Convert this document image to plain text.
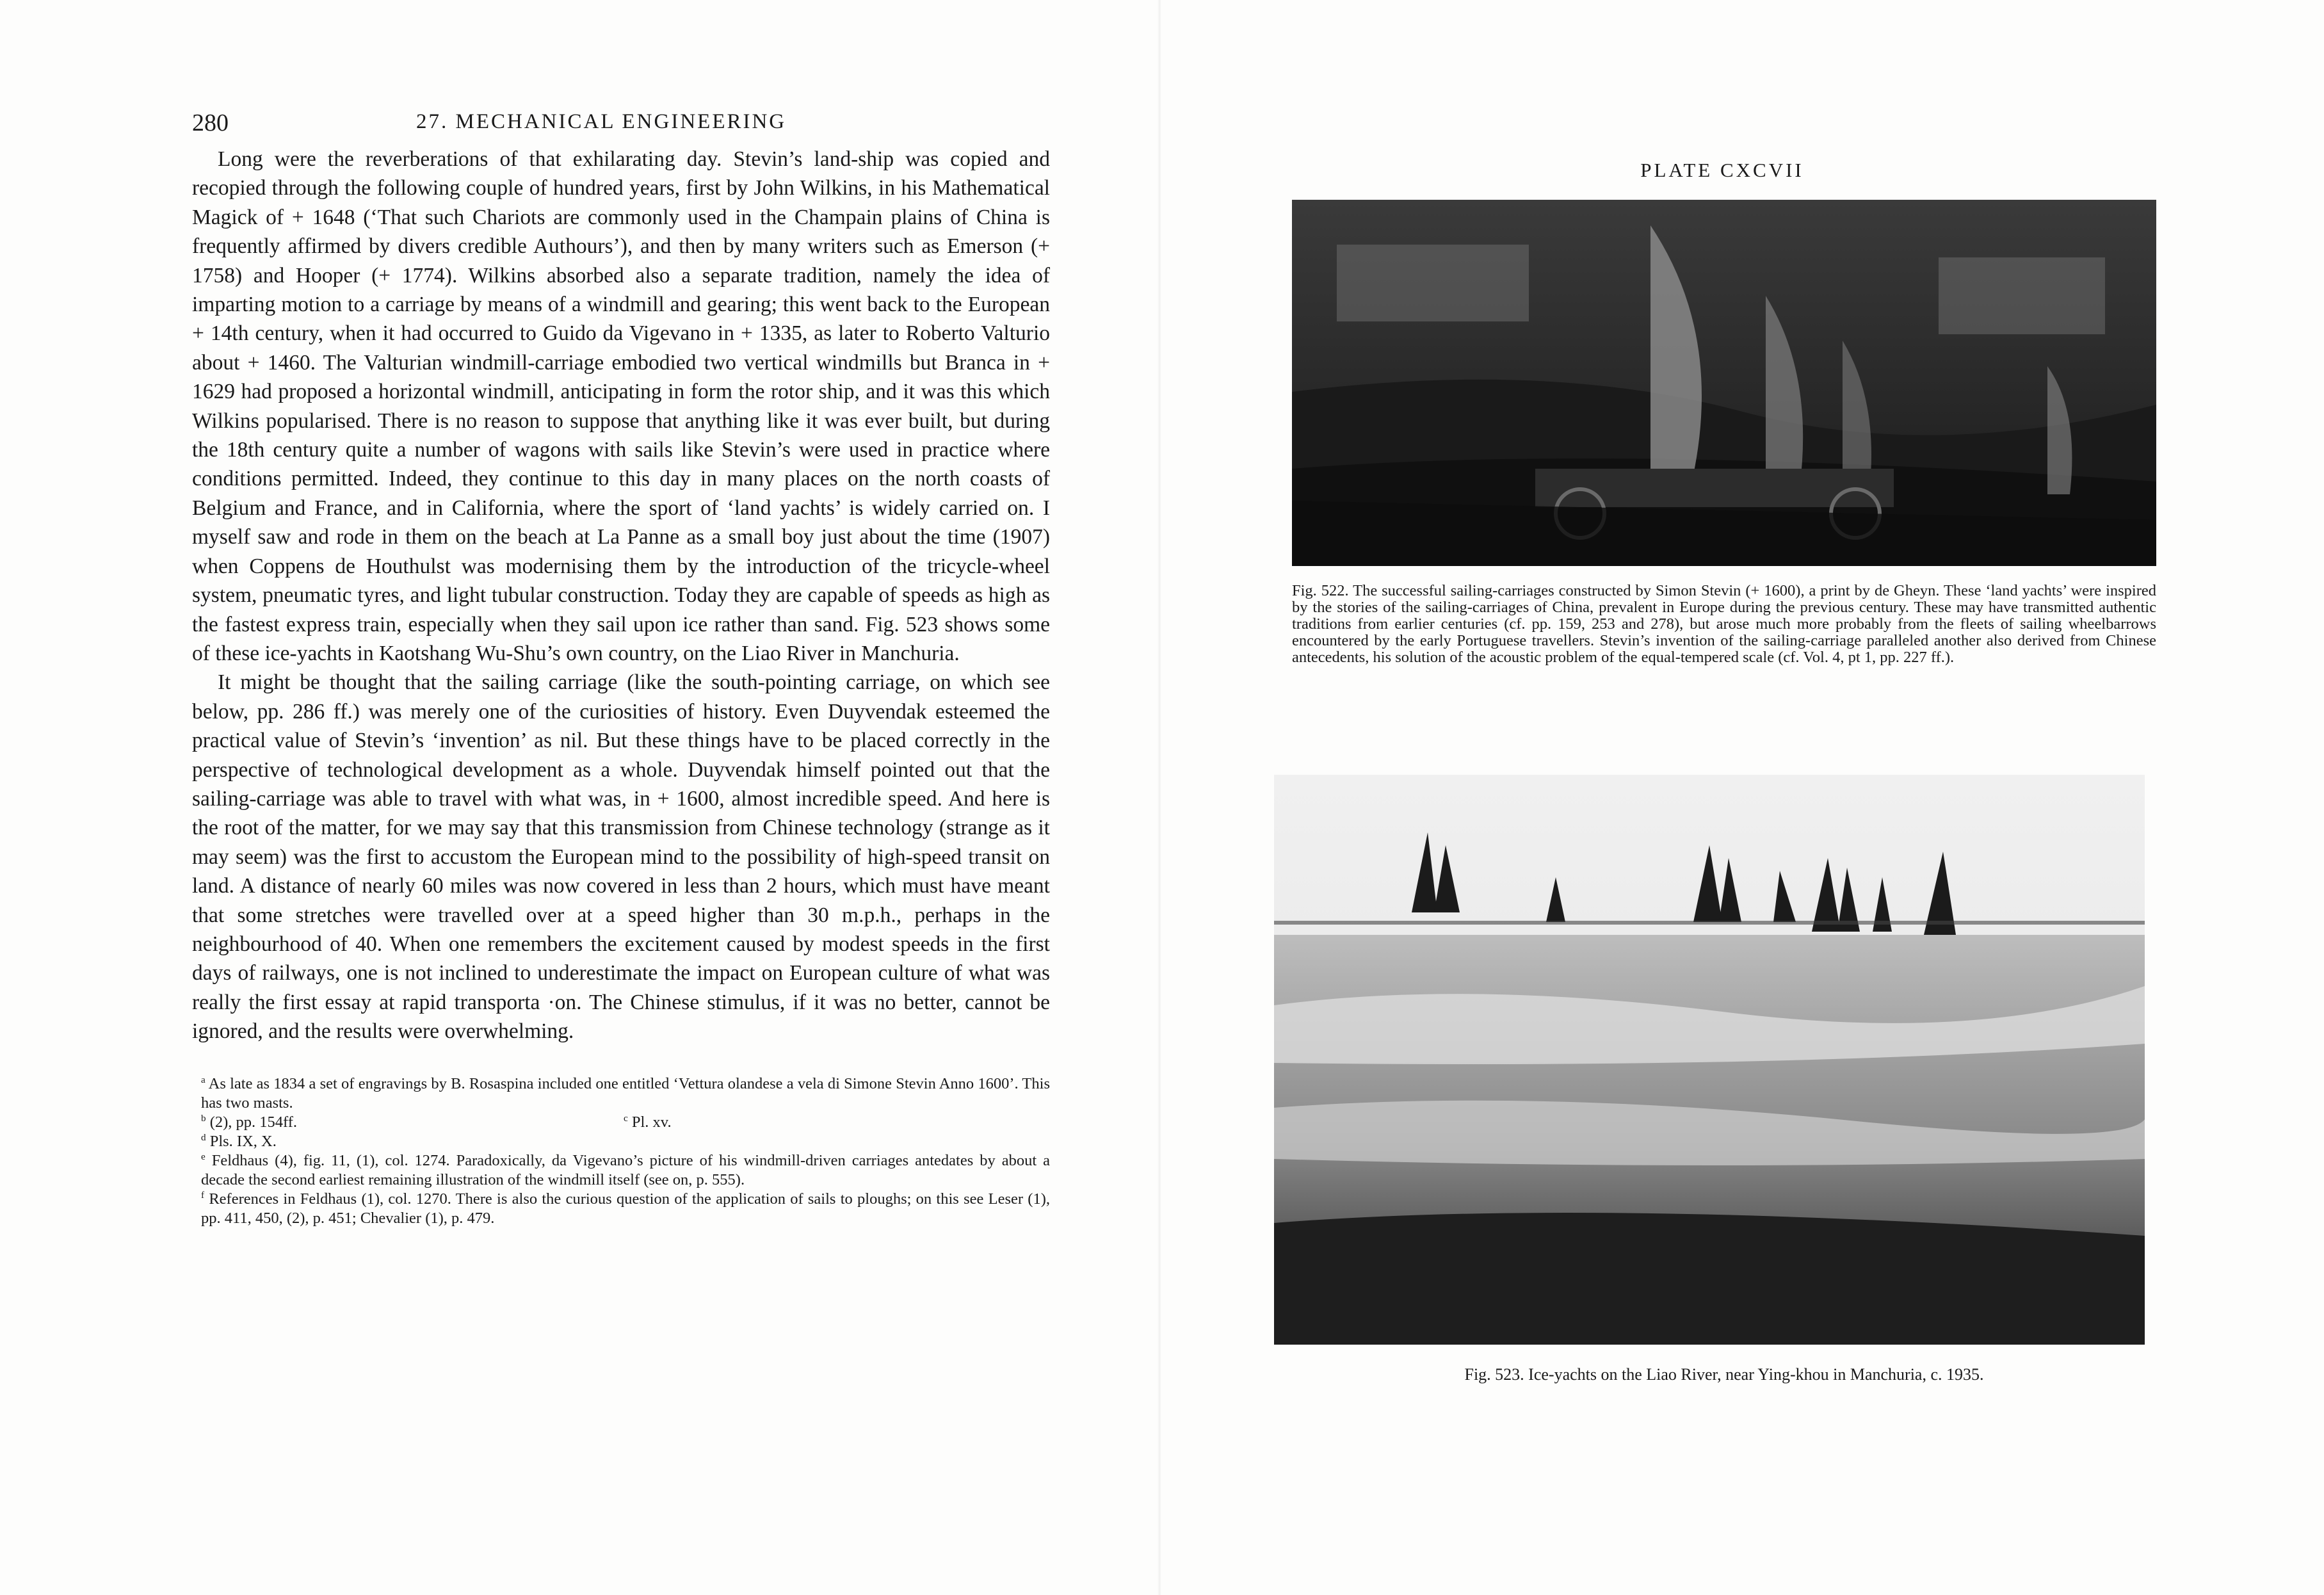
280	27. MECHANICAL ENGINEERING

Long were the reverberations of that exhilarating day. Stevin’s land-ship was copied and recopied through the following couple of hundred years, first by John Wilkins, in his Mathematical Magick of + 1648 (‘That such Chariots are commonly used in the Champain plains of China is frequently affirmed by divers credible Authours’), and then by many writers such as Emerson (+ 1758) and Hooper (+ 1774). Wilkins absorbed also a separate tradition, namely the idea of imparting motion to a carriage by means of a windmill and gearing; this went back to the European + 14th century, when it had occurred to Guido da Vigevano in + 1335, as later to Roberto Valturio about + 1460. The Valturian windmill-carriage embodied two vertical windmills but Branca in + 1629 had proposed a horizontal windmill, anticipating in form the rotor ship, and it was this which Wilkins popularised. There is no reason to suppose that anything like it was ever built, but during the 18th century quite a number of wagons with sails like Stevin’s were used in practice where conditions permitted. Indeed, they continue to this day in many places on the north coasts of Belgium and France, and in California, where the sport of ‘land yachts’ is widely carried on. I myself saw and rode in them on the beach at La Panne as a small boy just about the time (1907) when Coppens de Houthulst was modernising them by the introduction of the tricycle-wheel system, pneumatic tyres, and light tubular construction. Today they are capable of speeds as high as the fastest express train, especially when they sail upon ice rather than sand. Fig. 523 shows some of these ice-yachts in Kaotshang Wu-Shu’s own country, on the Liao River in Manchuria.

It might be thought that the sailing carriage (like the south-pointing carriage, on which see below, pp. 286 ff.) was merely one of the curiosities of history. Even Duyvendak esteemed the practical value of Stevin’s ‘invention’ as nil. But these things have to be placed correctly in the perspective of technological development as a whole. Duyvendak himself pointed out that the sailing-carriage was able to travel with what was, in + 1600, almost incredible speed. And here is the root of the matter, for we may say that this transmission from Chinese technology (strange as it may seem) was the first to accustom the European mind to the possibility of high-speed transit on land. A distance of nearly 60 miles was now covered in less than 2 hours, which must have meant that some stretches were travelled over at a speed higher than 30 m.p.h., perhaps in the neighbourhood of 40. When one remembers the excitement caused by modest speeds in the first days of railways, one is not inclined to underestimate the impact on European culture of what was really the first essay at rapid transporta ·on. The Chinese stimulus, if it was no better, cannot be ignored, and the results were overwhelming.

$^a$ As late as 1834 a set of engravings by B. Rosaspina included one entitled ‘Vettura olandese a vela di Simone Stevin Anno 1600’. This has two masts.

$^b$ (2), pp. 154ff.	$^c$ Pl. xv.

$^d$ Pls. IX, X.

$^e$ Feldhaus (4), fig. 11, (1), col. 1274. Paradoxically, da Vigevano’s picture of his windmill-driven carriages antedates by about a decade the second earliest remaining illustration of the windmill itself (see on, p. 555).

$^f$ References in Feldhaus (1), col. 1270. There is also the curious question of the application of sails to ploughs; on this see Leser (1), pp. 411, 450, (2), p. 451; Chevalier (1), p. 479.

PLATE CXCVII
Fig. 522. The successful sailing-carriages constructed by Simon Stevin (+ 1600), a print by de Gheyn. These ‘land yachts’ were inspired by the stories of the sailing-carriages of China, prevalent in Europe during the previous century. These may have transmitted authentic traditions from earlier centuries (cf. pp. 159, 253 and 278), but arose much more probably from the fleets of sailing wheelbarrows encountered by the early Portuguese travellers. Stevin’s invention of the sailing-carriage paralleled another also derived from Chinese antecedents, his solution of the acoustic problem of the equal-tempered scale (cf. Vol. 4, pt 1, pp. 227 ff.).
Fig. 523. Ice-yachts on the Liao River, near Ying-khou in Manchuria, c. 1935.
